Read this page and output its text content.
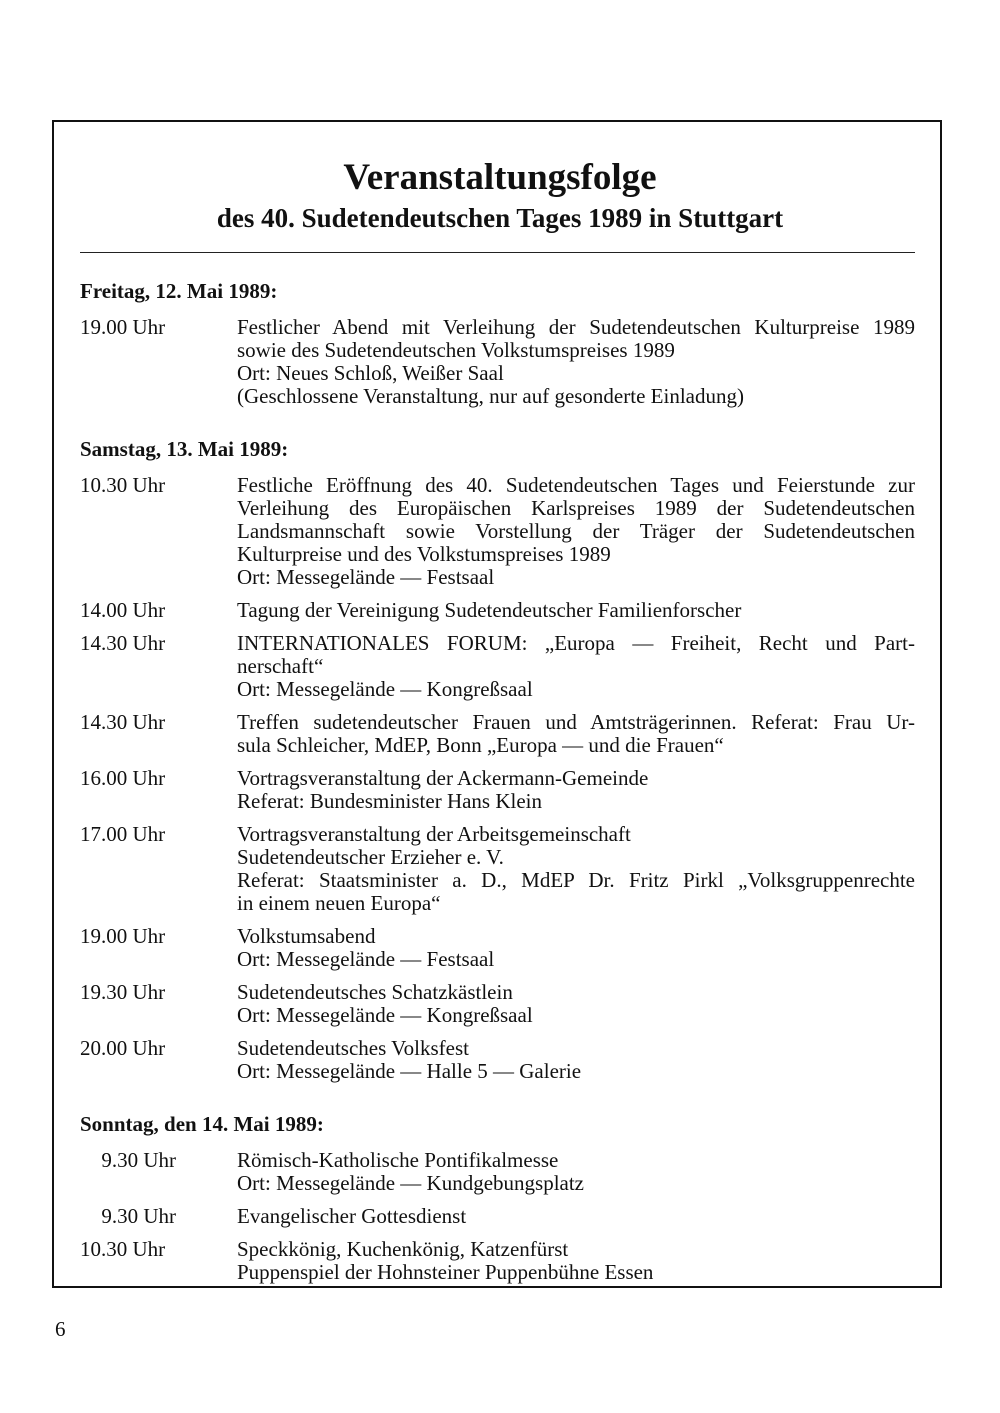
Veranstaltungsfolge
des 40. Sudetendeutschen Tages 1989 in Stuttgart
Freitag, 12. Mai 1989:
19.00 Uhr	Festlicher Abend mit Verleihung der Sudetendeutschen Kulturpreise 1989
sowie des Sudetendeutschen Volkstumspreises 1989
Ort: Neues Schloß, Weißer Saal
(Geschlossene Veranstaltung, nur auf gesonderte Einladung)
Samstag, 13. Mai 1989:
10.30 Uhr	Festliche Eröffnung des 40. Sudetendeutschen Tages und Feierstunde zur
Verleihung des Europäischen Karlspreises 1989 der Sudetendeutschen
Landsmannschaft sowie Vorstellung der Träger der Sudetendeutschen
Kulturpreise und des Volkstumspreises 1989
Ort: Messegelände — Festsaal
14.00 Uhr	Tagung der Vereinigung Sudetendeutscher Familienforscher
14.30 Uhr	INTERNATIONALES FORUM: „Europa — Freiheit, Recht und Part-
nerschaft“
Ort: Messegelände — Kongreßsaal
14.30 Uhr	Treffen sudetendeutscher Frauen und Amtsträgerinnen. Referat: Frau Ur-
sula Schleicher, MdEP, Bonn „Europa — und die Frauen“
16.00 Uhr	Vortragsveranstaltung der Ackermann-Gemeinde
Referat: Bundesminister Hans Klein
17.00 Uhr	Vortragsveranstaltung der Arbeitsgemeinschaft
Sudetendeutscher Erzieher e. V.
Referat: Staatsminister a. D., MdEP Dr. Fritz Pirkl „Volksgruppenrechte
in einem neuen Europa“
19.00 Uhr	Volkstumsabend
Ort: Messegelände — Festsaal
19.30 Uhr	Sudetendeutsches Schatzkästlein
Ort: Messegelände — Kongreßsaal
20.00 Uhr	Sudetendeutsches Volksfest
Ort: Messegelände — Halle 5 — Galerie
Sonntag, den 14. Mai 1989:
9.30 Uhr	Römisch-Katholische Pontifikalmesse
Ort: Messegelände — Kundgebungsplatz
9.30 Uhr	Evangelischer Gottesdienst
10.30 Uhr	Speckkönig, Kuchenkönig, Katzenfürst
Puppenspiel der Hohnsteiner Puppenbühne Essen
6
